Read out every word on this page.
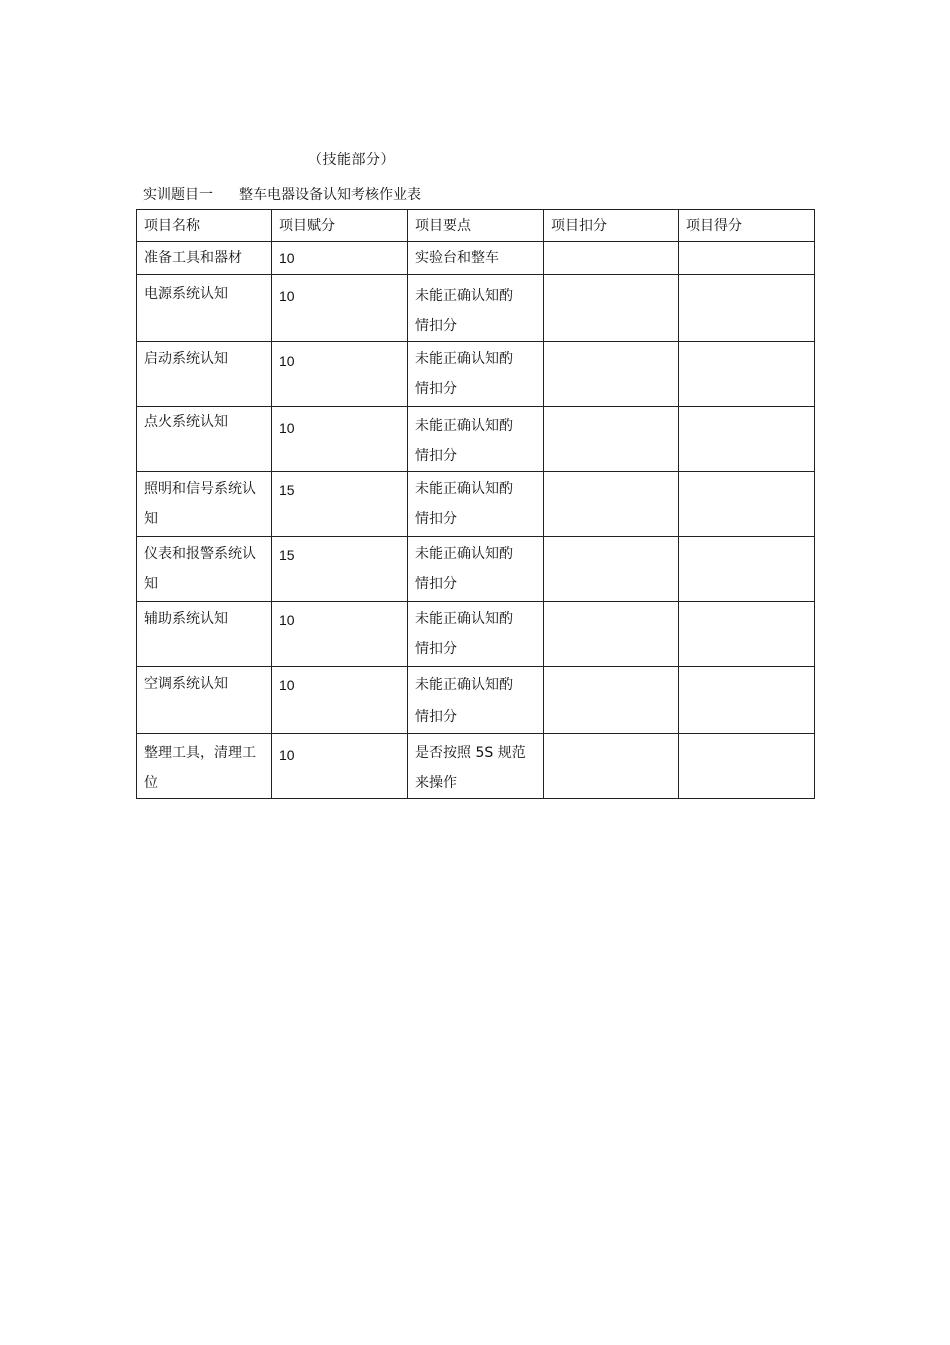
（技能部分）
实训题目一 整车电器设备认知考核作业表
项目名称	项目赋分	项目要点	项目扣分	项目得分
准备工具和器材	10	实验台和整车		
电源系统认知	10	未能正确认知酌情扣分		
启动系统认知	10	未能正确认知酌情扣分		
点火系统认知	10	未能正确认知酌情扣分		
照明和信号系统认知	15	未能正确认知酌情扣分		
仪表和报警系统认知	15	未能正确认知酌情扣分		
辅助系统认知	10	未能正确认知酌情扣分		
空调系统认知	10	未能正确认知酌情扣分		
整理工具，清理工位	10	是否按照 5S 规范来操作		
